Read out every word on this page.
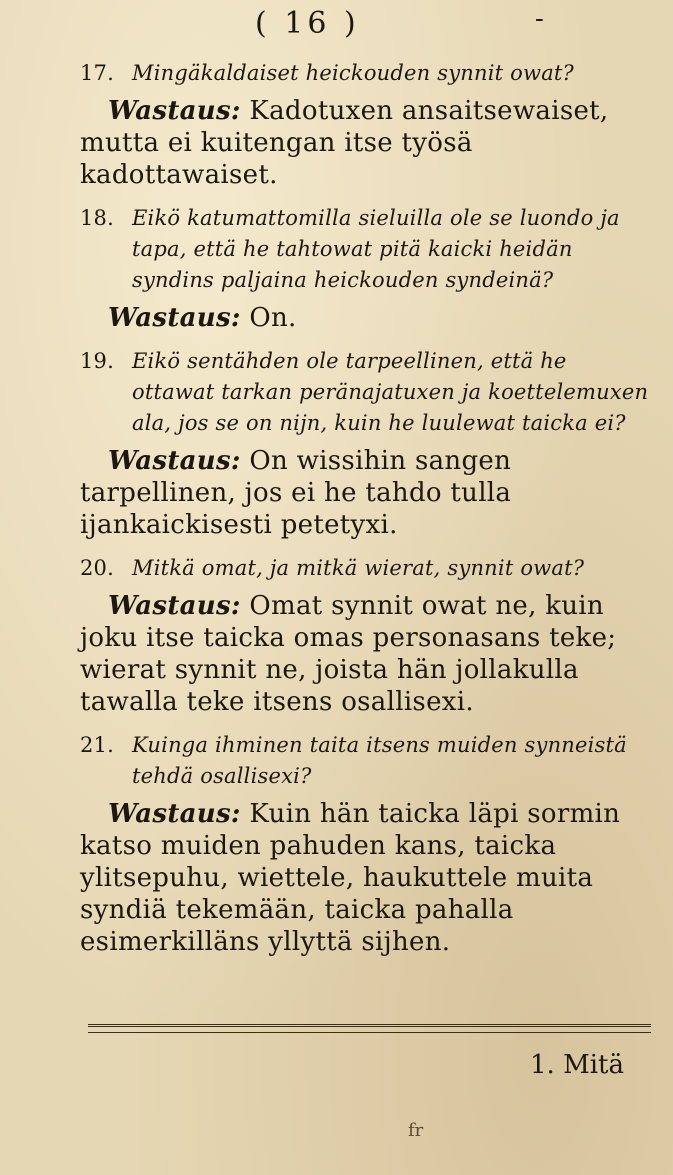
( 16 )	-

17. Mingäkaldaiset heickouden synnit owat?

Wastaus: Kadotuxen ansaitsewaiset, mutta ei kuitengan itse työsä kadottawaiset.

18. Eikö katumattomilla sieluilla ole se luondo ja tapa, että he tahtowat pitä kaicki heidän syndins paljaina heickouden syndeinä?

Wastaus: On.

19. Eikö sentähden ole tarpeellinen, että he ottawat tarkan peränajatuxen ja koettelemuxen ala, jos se on nijn, kuin he luulewat taicka ei?

Wastaus: On wissihin sangen tarpellinen, jos ei he tahdo tulla ijankaickisesti petetyxi.

20. Mitkä omat, ja mitkä wierat, synnit owat?

Wastaus: Omat synnit owat ne, kuin joku itse taicka omas personasans teke; wierat synnit ne, joista hän jollakulla tawalla teke itsens osallisexi.

21. Kuinga ihminen taita itsens muiden synneistä tehdä osallisexi?

Wastaus: Kuin hän taicka läpi sormin katso muiden pahuden kans, taicka ylitsepuhu, wiettele, haukuttele muita syndiä tekemään, taicka pahalla esimerkilläns yllyttä sijhen.

1. Mitä
fr
